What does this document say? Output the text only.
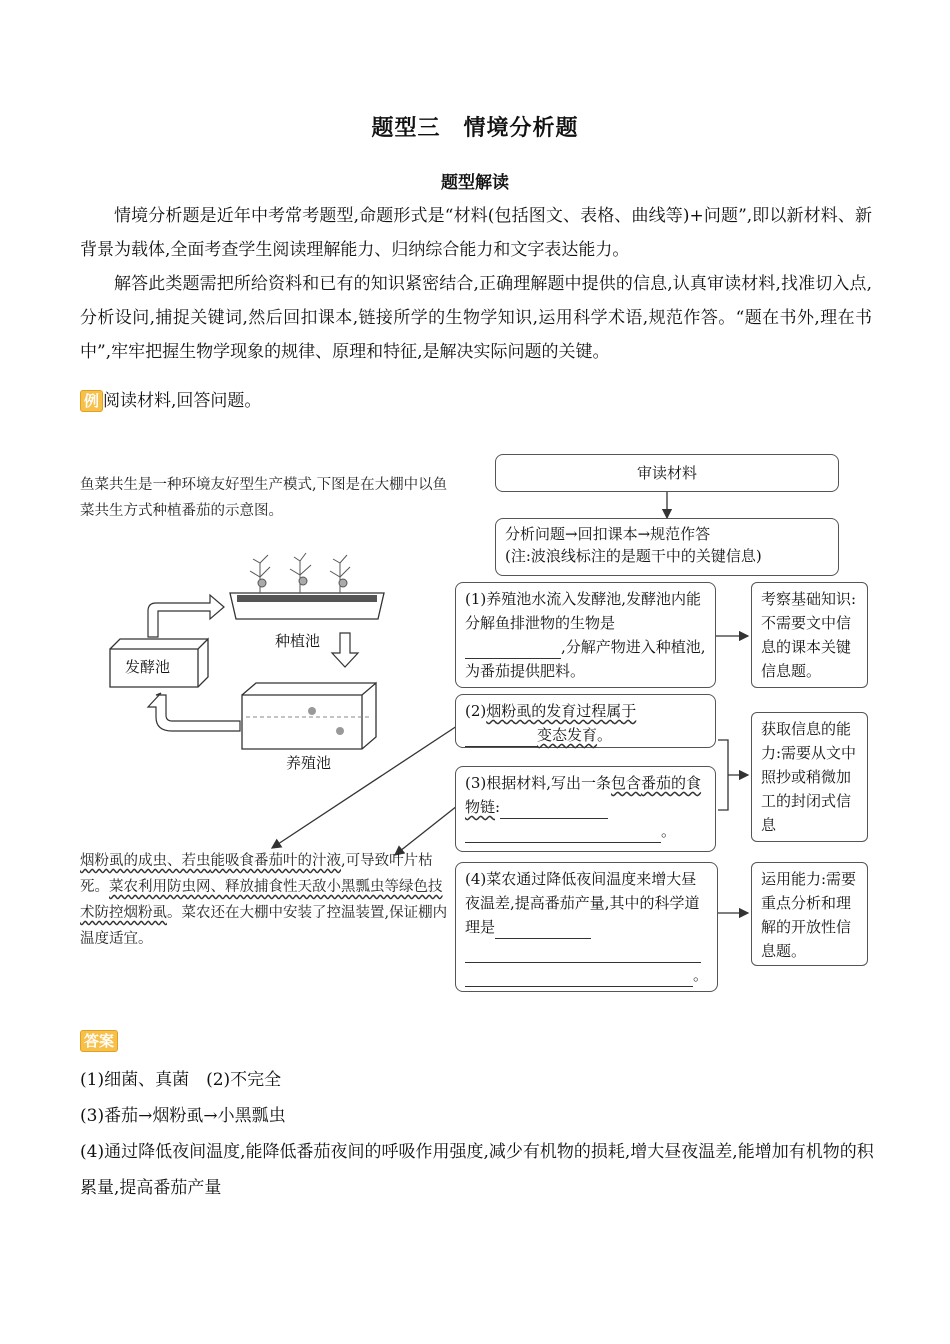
题型三　情境分析题
题型解读

情境分析题是近年中考常考题型,命题形式是“材料(包括图文、表格、曲线等)+问题”,即以新材料、新背景为载体,全面考查学生阅读理解能力、归纳综合能力和文字表达能力。

解答此类题需把所给资料和已有的知识紧密结合,正确理解题中提供的信息,认真审读材料,找准切入点,分析设问,捕捉关键词,然后回扣课本,链接所学的生物学知识,运用科学术语,规范作答。“题在书外,理在书中”,牢牢把握生物学现象的规律、原理和特征,是解决实际问题的关键。

例 阅读材料,回答问题。
鱼菜共生是一种环境友好型生产模式,下图是在大棚中以鱼菜共生方式种植番茄的示意图。
种植池
发酵池
养殖池
烟粉虱的成虫、若虫能吸食番茄叶的汁液,可导致叶片枯死。菜农利用防虫网、释放捕食性天敌小黑瓢虫等绿色技术防控烟粉虱。菜农还在大棚中安装了控温装置,保证棚内温度适宜。
审读材料
分析问题→回扣课本→规范作答
(注:波浪线标注的是题干中的关键信息)
(1)养殖池水流入发酵池,发酵池内能分解鱼排泄物的生物是,分解产物进入种植池,为番茄提供肥料。
(2)烟粉虱的发育过程属于变态发育。
(3)根据材料,写出一条包含番茄的食物链:
。
(4)菜农通过降低夜间温度来增大昼夜温差,提高番茄产量,其中的科学道理是

。
考察基础知识:不需要文中信息的课本关键信息题。
获取信息的能力:需要从文中照抄或稍微加工的封闭式信息
运用能力:需要重点分析和理解的开放性信息题。
答案
(1)细菌、真菌　(2)不完全
(3)番茄→烟粉虱→小黑瓢虫
(4)通过降低夜间温度,能降低番茄夜间的呼吸作用强度,减少有机物的损耗,增大昼夜温差,能增加有机物的积累量,提高番茄产量
